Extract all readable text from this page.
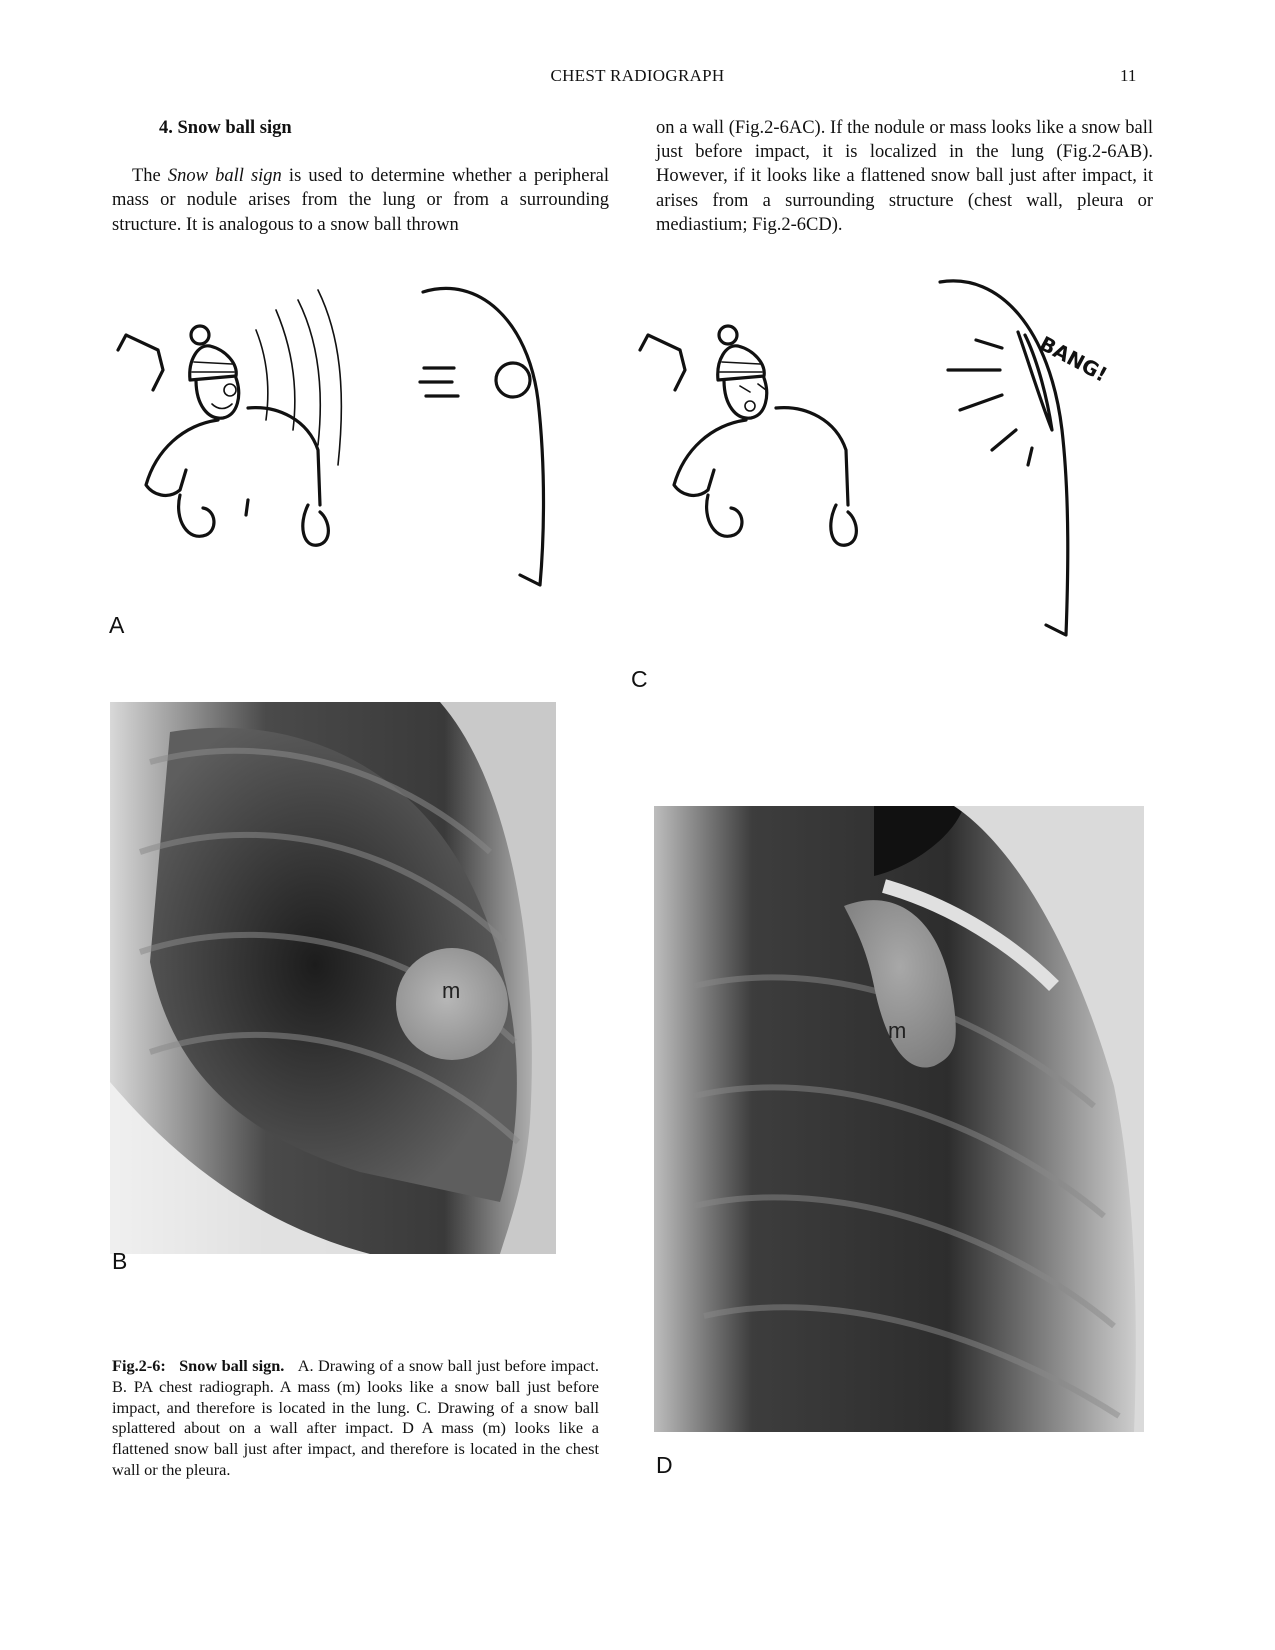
CHEST RADIOGRAPH	11
4. Snow ball sign

The Snow ball sign is used to determine whether a peripheral mass or nodule arises from the lung or from a surrounding structure. It is analogous to a snow ball thrown

on a wall (Fig.2-6AC). If the nodule or mass looks like a snow ball just before impact, it is localized in the lung (Fig.2-6AB). However, if it looks like a flattened snow ball just after impact, it arises from a surrounding structure (chest wall, pleura or mediastium; Fig.2-6CD).

A
BANG!
C
m
B
m
D
Fig.2-6: Snow ball sign. A. Drawing of a snow ball just before impact. B. PA chest radiograph. A mass (m) looks like a snow ball just before impact, and therefore is located in the lung. C. Drawing of a snow ball splattered about on a wall after impact. D A mass (m) looks like a flattened snow ball just after impact, and therefore is located in the chest wall or the pleura.
